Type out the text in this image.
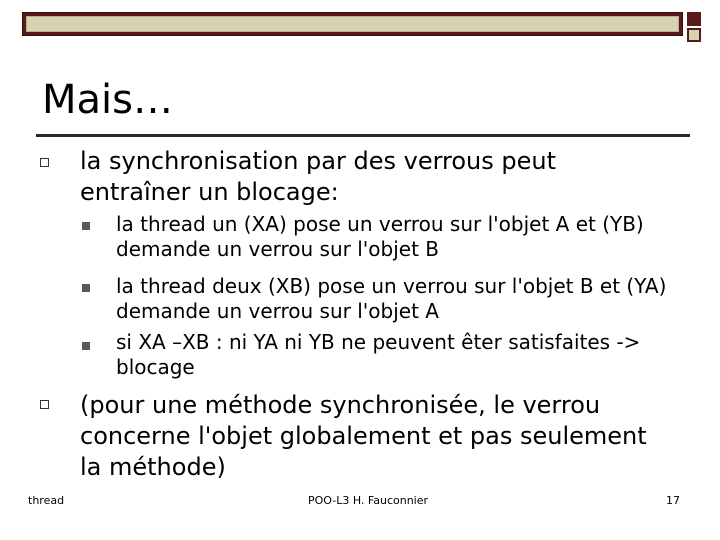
Mais…
la synchronisation par des verrous peut entraîner un blocage:
la thread un (XA) pose un verrou sur l'objet A et (YB) demande un verrou sur l'objet B
la thread deux (XB) pose un verrou sur l'objet B et (YA) demande un verrou sur l'objet A
si XA –XB : ni YA ni YB ne peuvent êter satisfaites -> blocage
(pour une méthode synchronisée, le verrou concerne l'objet globalement et pas seulement la méthode)
thread	POO-L3 H. Fauconnier	17
